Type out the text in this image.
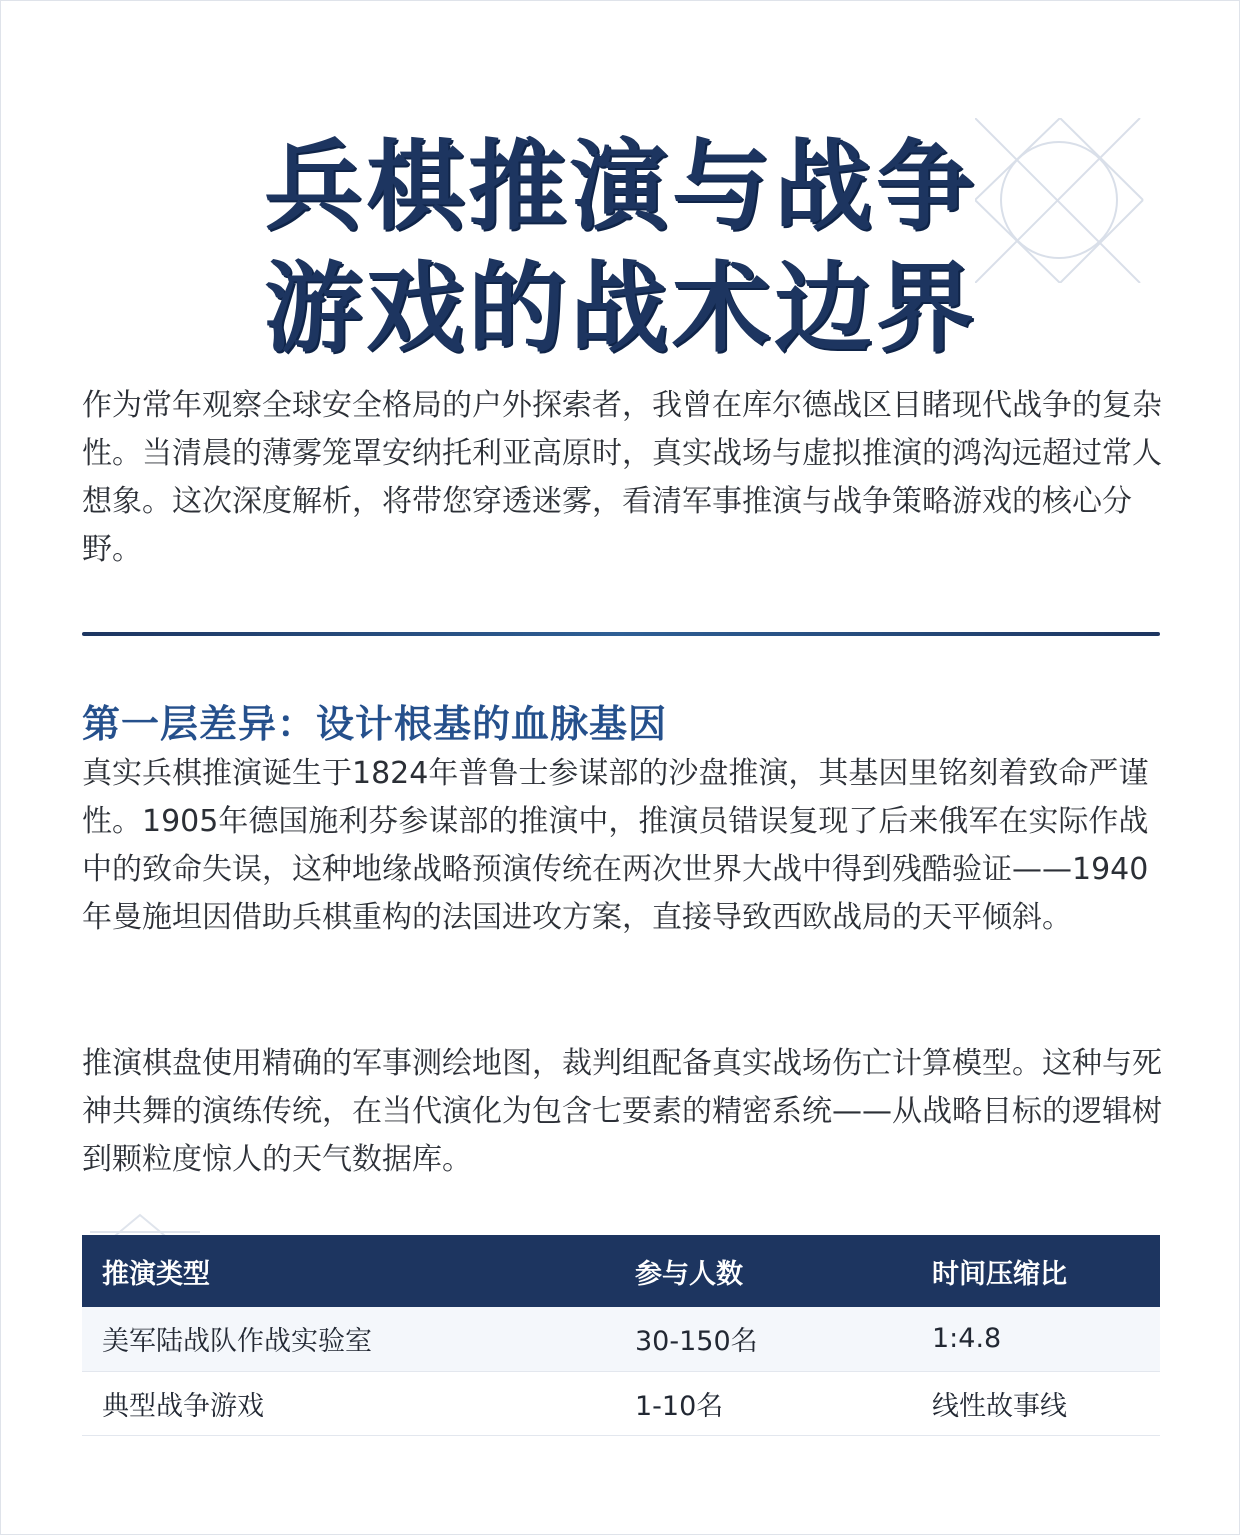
兵棋推演与战争
游戏的战术边界

作为常年观察全球安全格局的户外探索者，我曾在库尔德战区目睹现代战争的复杂性。当清晨的薄雾笼罩安纳托利亚高原时，真实战场与虚拟推演的鸿沟远超过常人想象。这次深度解析，将带您穿透迷雾，看清军事推演与战争策略游戏的核心分野。

第一层差异：设计根基的血脉基因

真实兵棋推演诞生于1824年普鲁士参谋部的沙盘推演，其基因里铭刻着致命严谨性。1905年德国施利芬参谋部的推演中，推演员错误复现了后来俄军在实际作战中的致命失误，这种地缘战略预演传统在两次世界大战中得到残酷验证——1940年曼施坦因借助兵棋重构的法国进攻方案，直接导致西欧战局的天平倾斜。

推演棋盘使用精确的军事测绘地图，裁判组配备真实战场伤亡计算模型。这种与死神共舞的演练传统，在当代演化为包含七要素的精密系统——从战略目标的逻辑树到颗粒度惊人的天气数据库。

推演类型	参与人数	时间压缩比
美军陆战队作战实验室	30-150名	1:4.8
典型战争游戏	1-10名	线性故事线
